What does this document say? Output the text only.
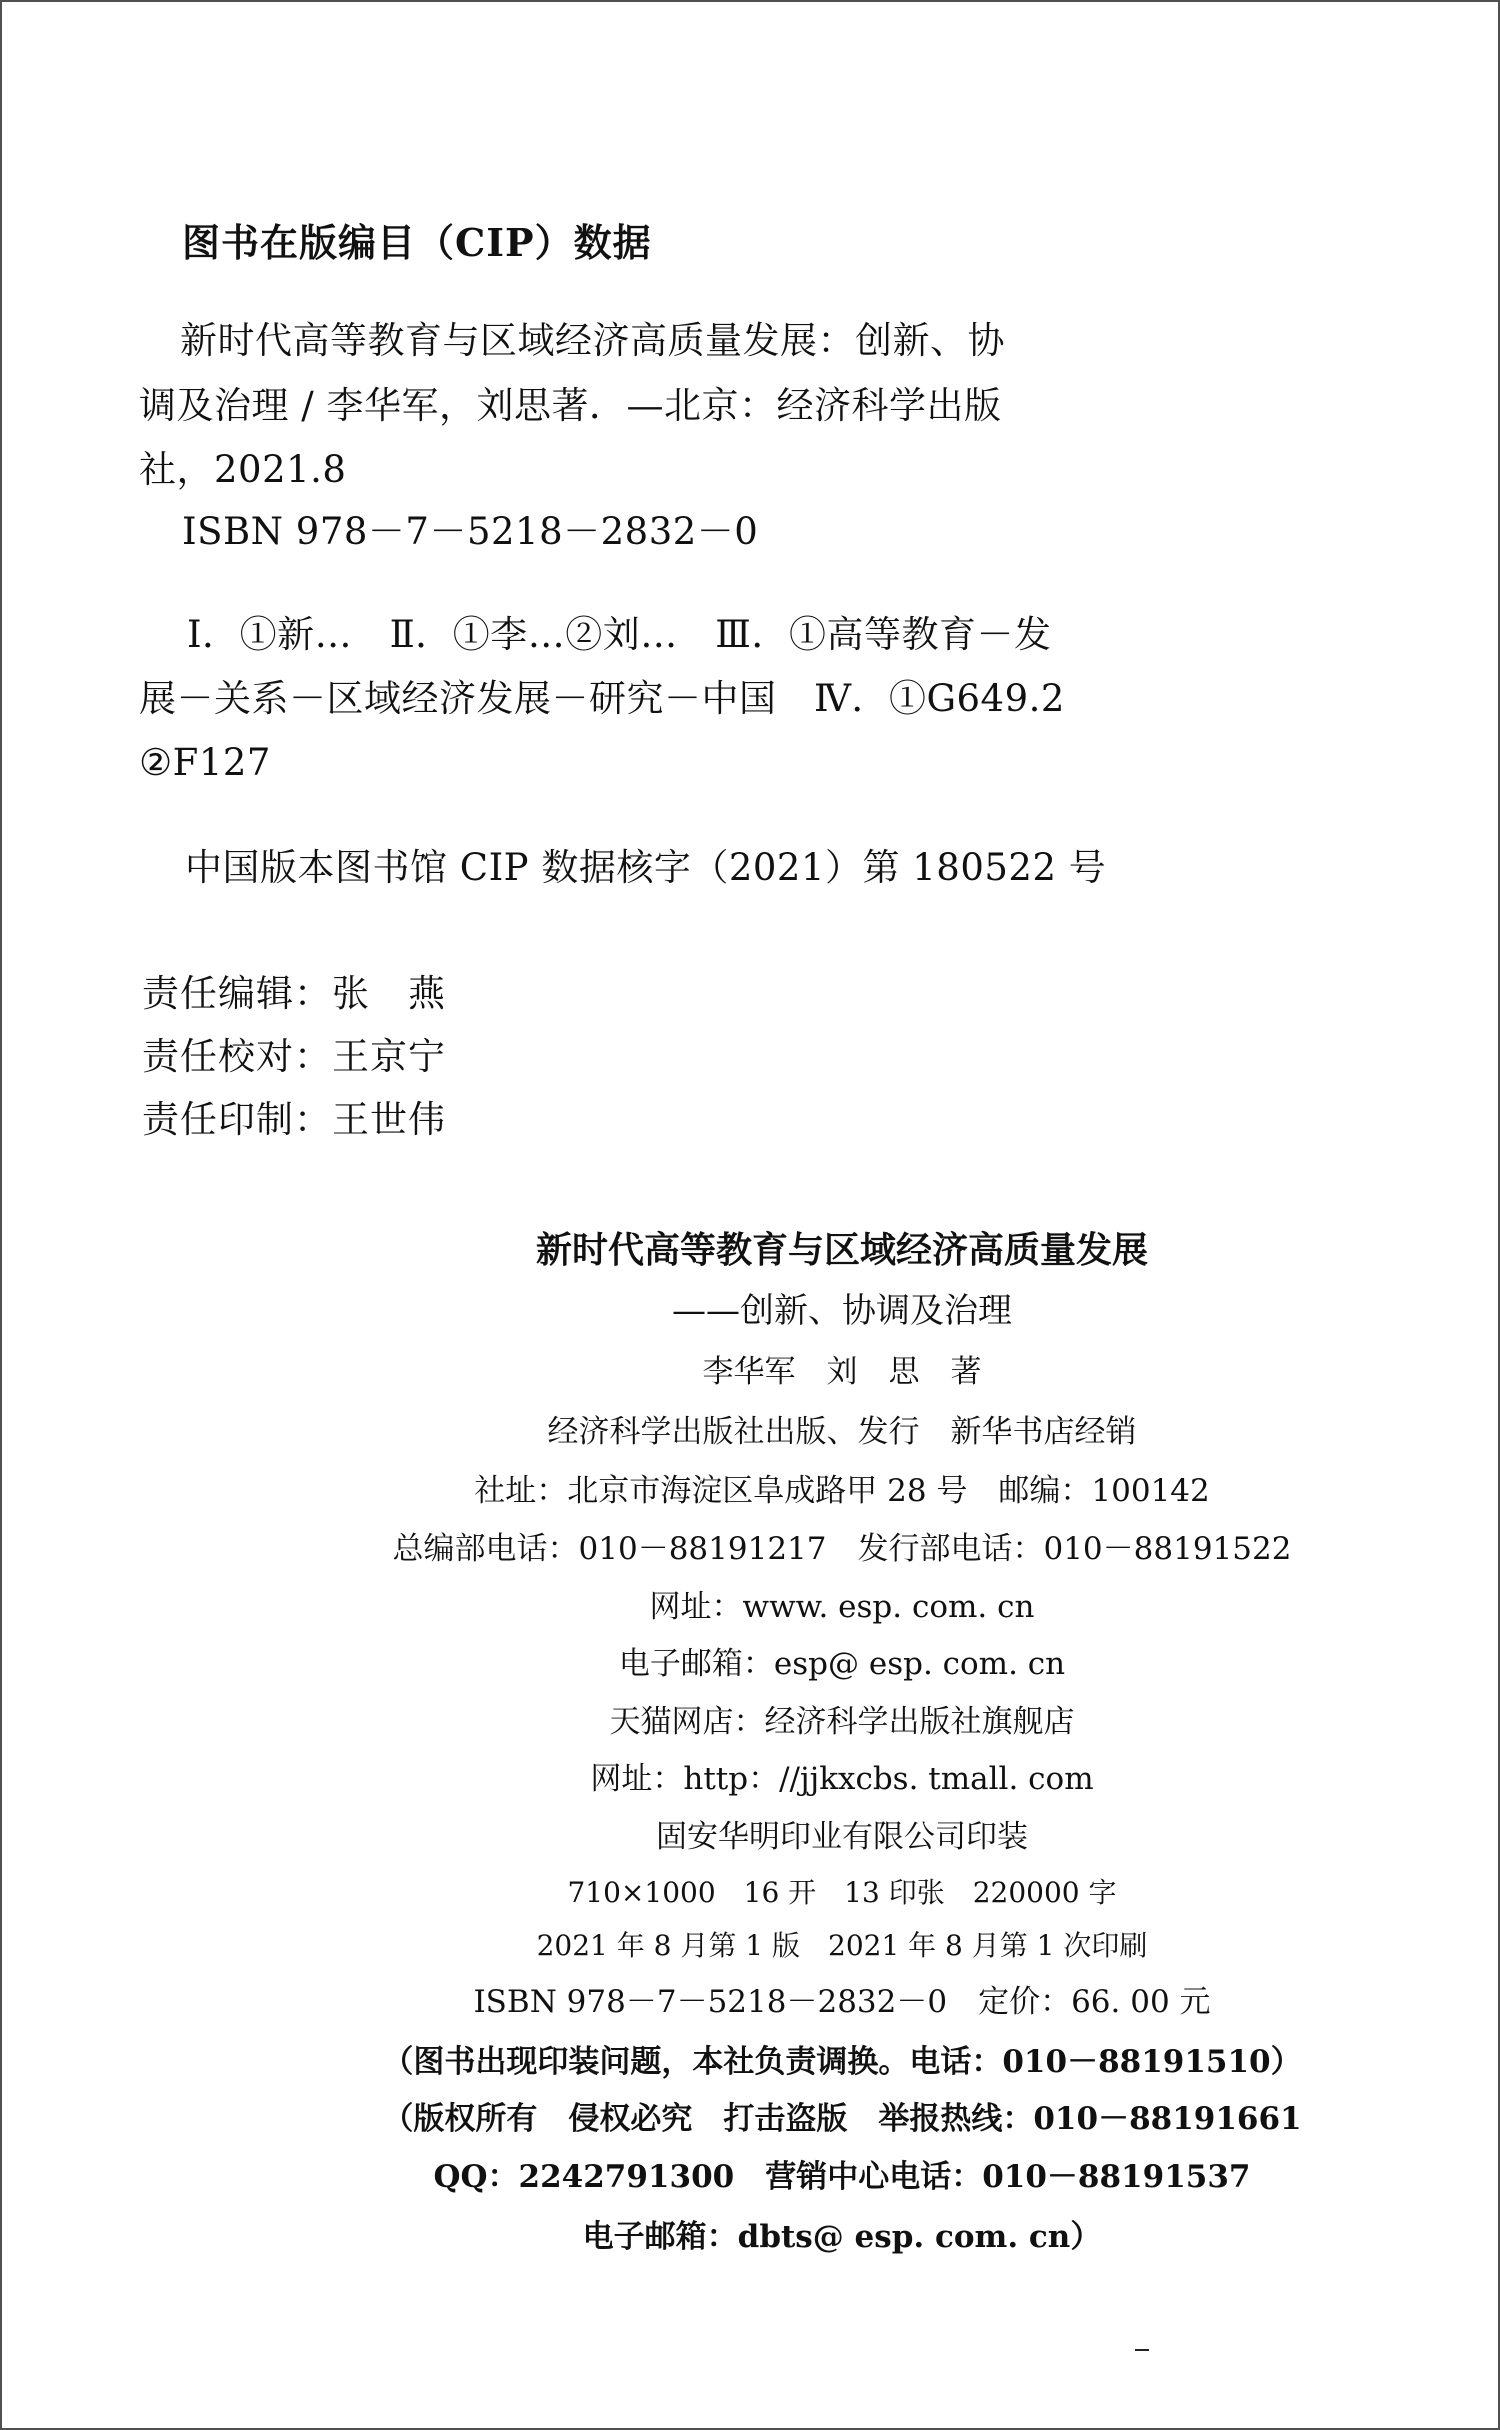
图书在版编目（CIP）数据
新时代高等教育与区域经济高质量发展：创新、协
调及治理 / 李华军，刘思著．—北京：经济科学出版
社，2021.8
ISBN 978－7－5218－2832－0
Ⅰ．①新…　Ⅱ．①李…②刘…　Ⅲ．①高等教育－发
展－关系－区域经济发展－研究－中国　Ⅳ．①G649.2
②F127
中国版本图书馆 CIP 数据核字（2021）第 180522 号
责任编辑：张　燕
责任校对：王京宁
责任印制：王世伟
新时代高等教育与区域经济高质量发展
——创新、协调及治理
李华军　刘　思　著
经济科学出版社出版、发行　新华书店经销
社址：北京市海淀区阜成路甲 28 号　邮编：100142
总编部电话：010－88191217　发行部电话：010－88191522
网址：www. esp. com. cn
电子邮箱：esp@ esp. com. cn
天猫网店：经济科学出版社旗舰店
网址：http：//jjkxcbs. tmall. com
固安华明印业有限公司印装
710×1000　16 开　13 印张　220000 字
2021 年 8 月第 1 版　2021 年 8 月第 1 次印刷
ISBN 978－7－5218－2832－0　定价：66. 00 元
（图书出现印装问题，本社负责调换。电话：010－88191510）
（版权所有　侵权必究　打击盗版　举报热线：010－88191661
QQ：2242791300　营销中心电话：010－88191537
电子邮箱：dbts@ esp. com. cn）
